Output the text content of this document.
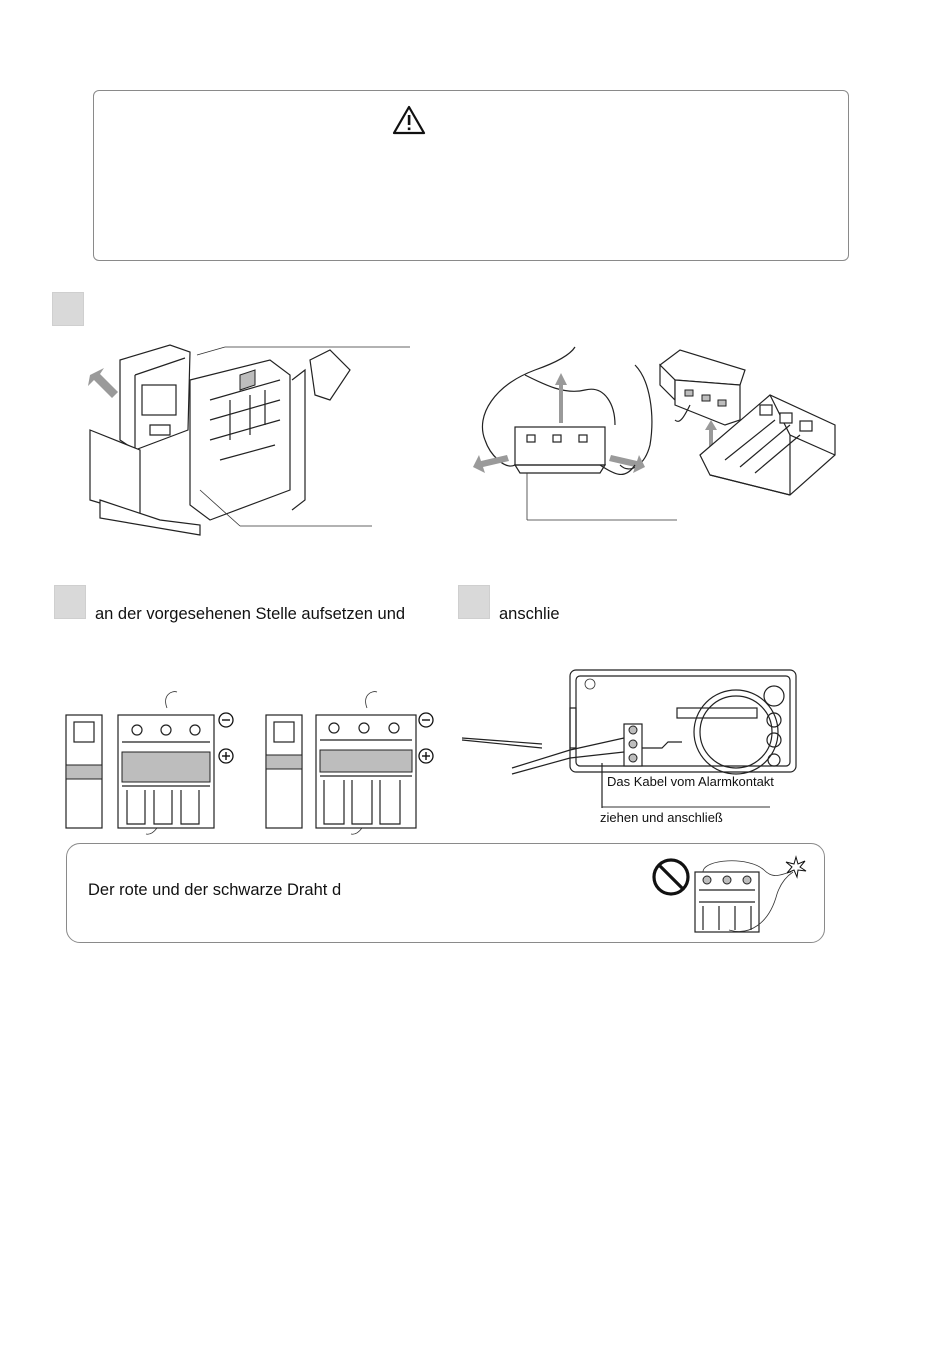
an der vorgesehenen Stelle aufsetzen und	anschlie
Das Kabel vom Alarmkontakt
ziehen und anschließ
Der rote und der schwarze Draht d
